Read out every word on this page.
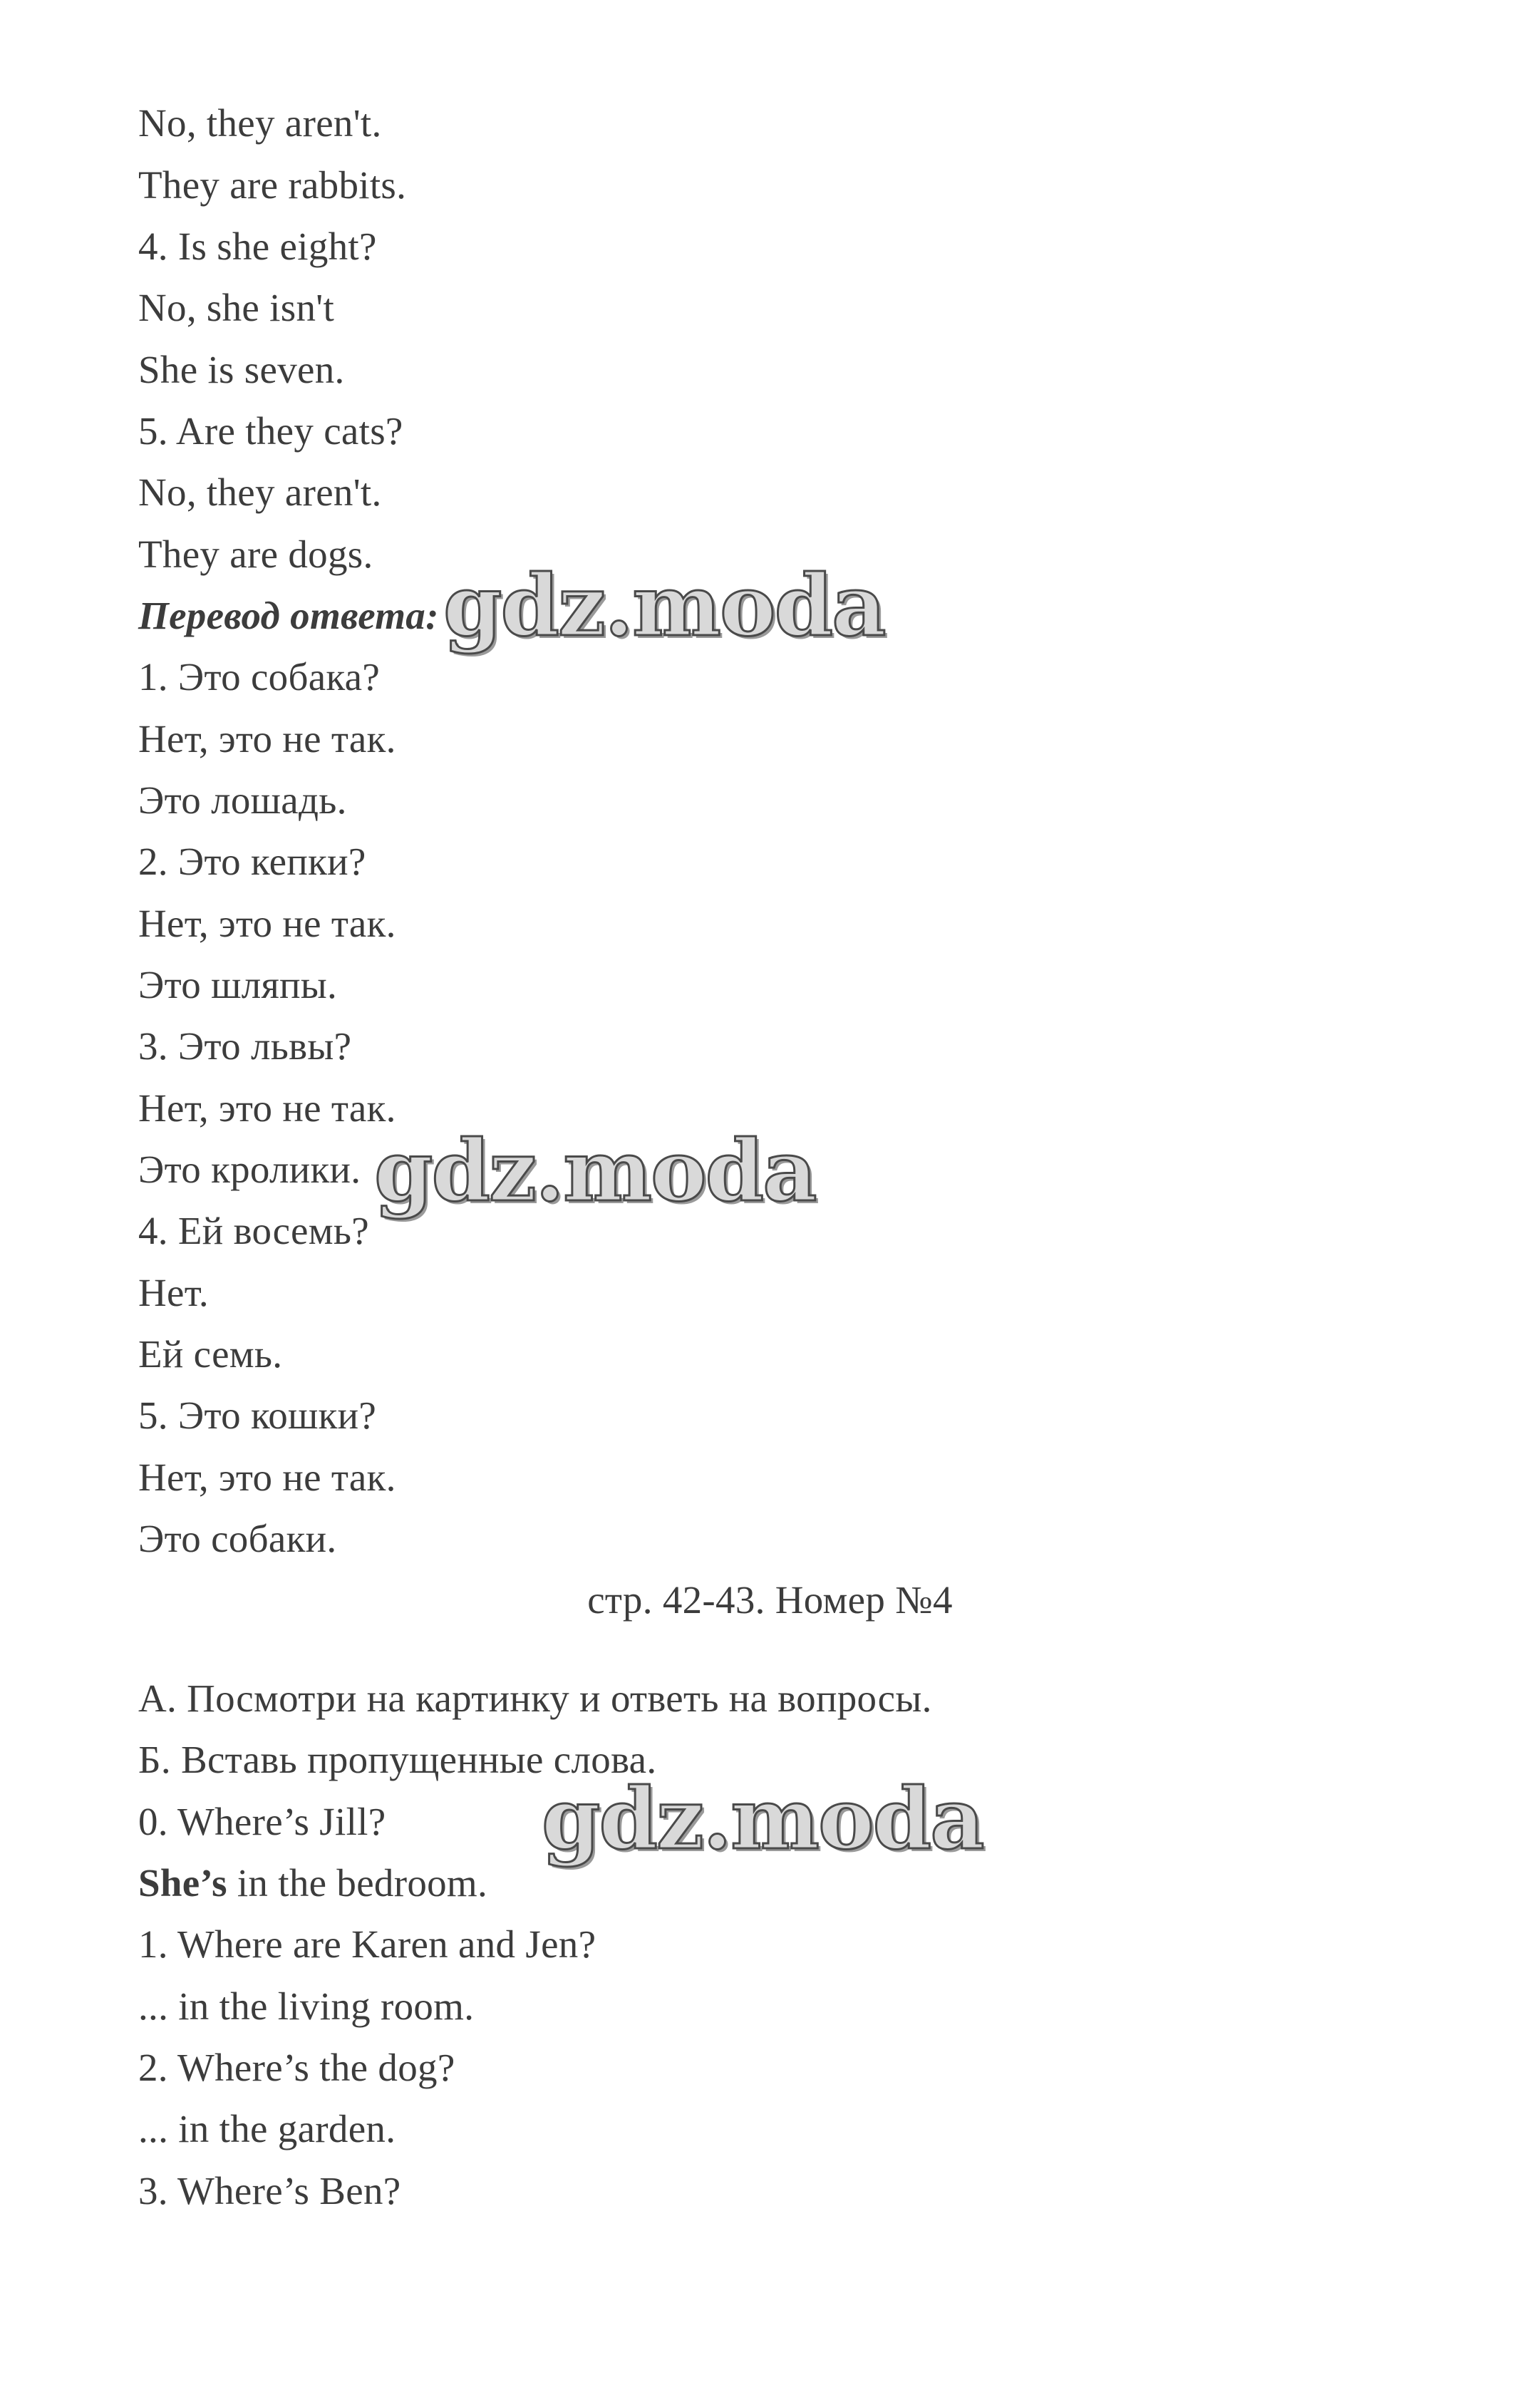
No, they aren't.
They are rabbits.
4. Is she eight?
No, she isn't
She is seven.
5. Are they cats?
No, they aren't.
They are dogs.
Перевод ответа:
1. Это собака?
Нет, это не так.
Это лошадь.
2. Это кепки?
Нет, это не так.
Это шляпы.
3. Это львы?
Нет, это не так.
Это кролики.
4. Ей восемь?
Нет.
Ей семь.
5. Это кошки?
Нет, это не так.
Это собаки.
стр. 42-43. Номер №4
А. Посмотри на картинку и ответь на вопросы.
Б. Вставь пропущенные слова.
0. Where’s Jill?
She’s in the bedroom.
1. Where are Karen and Jen?
... in the living room.
2. Where’s the dog?
... in the garden.
3. Where’s Ben?
gdz.moda
gdz.moda
gdz.moda
